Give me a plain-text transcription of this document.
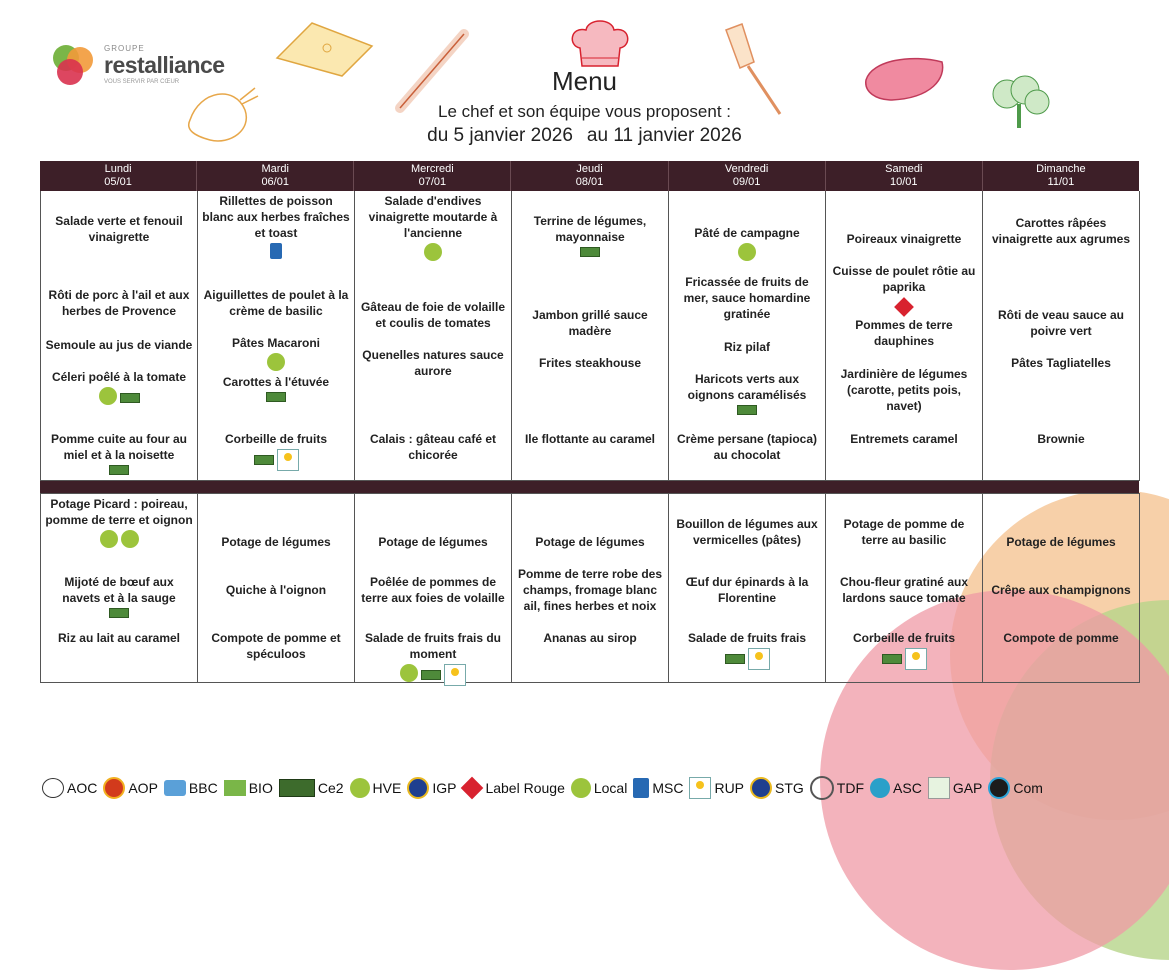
GROUPE
restalliance
VOUS SERVIR PAR CŒUR	Menu
Le chef et son équipe vous proposent :
du 5 janvier 2026 au 11 janvier 2026
Lundi
05/01
Mardi
06/01
Mercredi
07/01
Jeudi
08/01
Vendredi
09/01
Samedi
10/01
Dimanche
11/01
Salade verte et fenouil vinaigrette
Rôti de porc à l'ail et aux herbes de Provence
Semoule au jus de viande
Céleri poêlé à la tomate
Pomme cuite au four au miel et à la noisette
Rillettes de poisson blanc aux herbes fraîches et toast
Aiguillettes de poulet à la crème de basilic
Pâtes Macaroni
Carottes à l'étuvée
Corbeille de fruits
Salade d'endives vinaigrette moutarde à l'ancienne
Gâteau de foie de volaille et coulis de tomates
Quenelles natures sauce aurore
Calais : gâteau café et chicorée
Terrine de légumes, mayonnaise
Jambon grillé sauce madère
Frites steakhouse
Ile flottante au caramel
Pâté de campagne
Fricassée de fruits de mer, sauce homardine gratinée
Riz pilaf
Haricots verts aux oignons caramélisés
Crème persane (tapioca) au chocolat
Poireaux vinaigrette
Cuisse de poulet rôtie au paprika
Pommes de terre dauphines
Jardinière de légumes (carotte, petits pois, navet)
Entremets caramel
Carottes râpées vinaigrette aux agrumes
Rôti de veau sauce au poivre vert
Pâtes Tagliatelles
Brownie
Potage Picard : poireau, pomme de terre et oignon
Mijoté de bœuf aux navets et à la sauge
Riz au lait au caramel
Potage de légumes
Quiche à l'oignon
Compote de pomme et spéculoos
Potage de légumes
Poêlée de pommes de terre aux foies de volaille
Salade de fruits frais du moment
Potage de légumes
Pomme de terre robe des champs, fromage blanc ail, fines herbes et noix
Ananas au sirop
Bouillon de légumes aux vermicelles (pâtes)
Œuf dur épinards à la Florentine
Salade de fruits frais
Potage de pomme de terre au basilic
Chou-fleur gratiné aux lardons sauce tomate
Corbeille de fruits
Potage de légumes
Crêpe aux champignons
Compote de pomme
AOC AOP BBC BIO	Ce2 HVE IGP Label Rouge Local MSC RUP STG TDF ASC GAP Com
